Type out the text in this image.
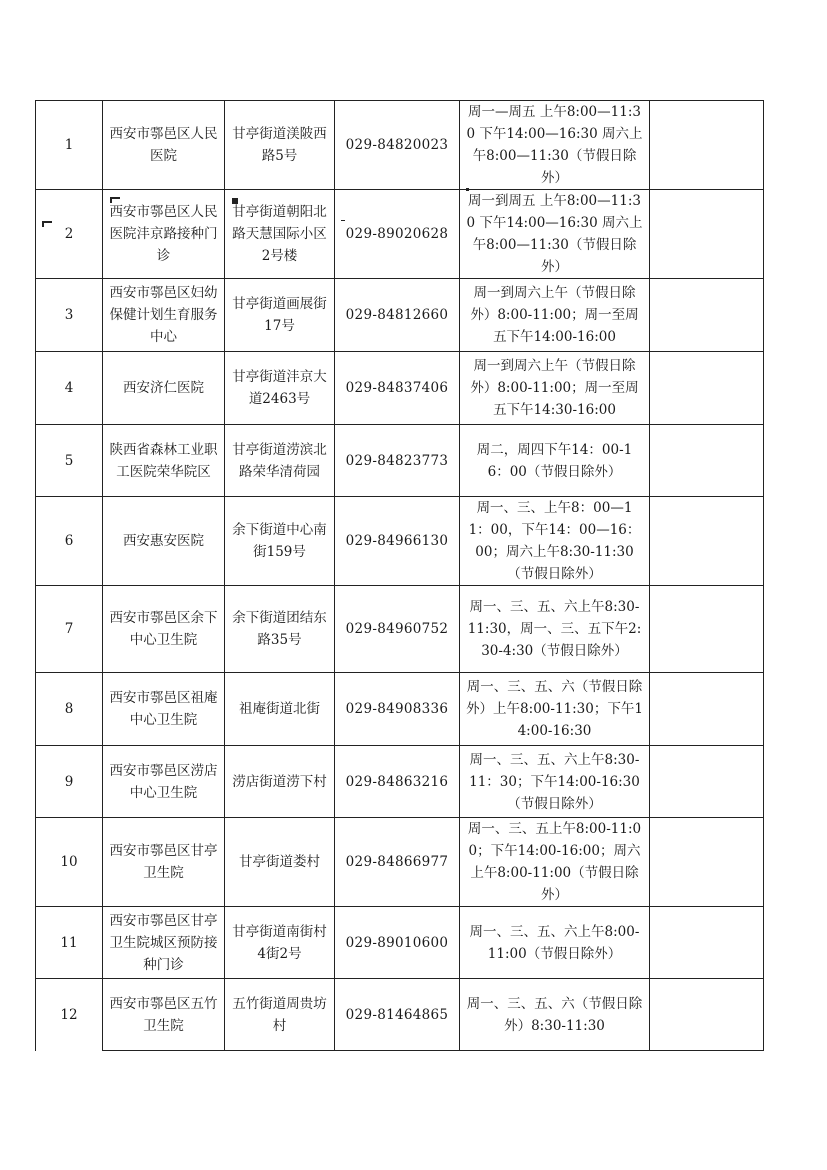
1	西安市鄠邑区人民医院	甘亭街道渼陂西路5号	029-84820023	周一—周五 上午8:00—11:30 下午14:00—16:30 周六上午8:00—11:30（节假日除外）	
2	西安市鄠邑区人民医院沣京路接种门诊	甘亭街道朝阳北路天慧国际小区2号楼	029-89020628	周一到周五 上午8:00—11:30 下午14:00—16:30 周六上午8:00—11:30（节假日除外）	
3	西安市鄠邑区妇幼保健计划生育服务中心	甘亭街道画展街17号	029-84812660	周一到周六上午（节假日除外）8:00-11:00；周一至周五下午14:00-16:00	
4	西安济仁医院	甘亭街道沣京大道2463号	029-84837406	周一到周六上午（节假日除外）8:00-11:00；周一至周五下午14:30-16:00	
5	陕西省森林工业职工医院荣华院区	甘亭街道涝滨北路荣华清荷园	029-84823773	周二，周四下午14：00-16：00（节假日除外）	
6	西安惠安医院	余下街道中心南街159号	029-84966130	周一、三、上午8：00—11：00，下午14：00—16：00；周六上午8:30-11:30（节假日除外）	
7	西安市鄠邑区余下中心卫生院	余下街道团结东路35号	029-84960752	周一、三、五、六上午8:30-11:30，周一、三、五下午2:30-4:30（节假日除外）	
8	西安市鄠邑区祖庵中心卫生院	祖庵街道北街	029-84908336	周一、三、五、六（节假日除外）上午8:00-11:30；下午14:00-16:30	
9	西安市鄠邑区涝店中心卫生院	涝店街道涝下村	029-84863216	周一、三、五、六上午8:30-11：30；下午14:00-16:30（节假日除外）	
10	西安市鄠邑区甘亭卫生院	甘亭街道娄村	029-84866977	周一、三、五上午8:00-11:00；下午14:00-16:00；周六上午8:00-11:00（节假日除外）	
11	西安市鄠邑区甘亭卫生院城区预防接种门诊	甘亭街道南街村4街2号	029-89010600	周一、三、五、六上午8:00-11:00（节假日除外）	
12	西安市鄠邑区五竹卫生院	五竹街道周贵坊村	029-81464865	周一、三、五、六（节假日除外）8:30-11:30	
